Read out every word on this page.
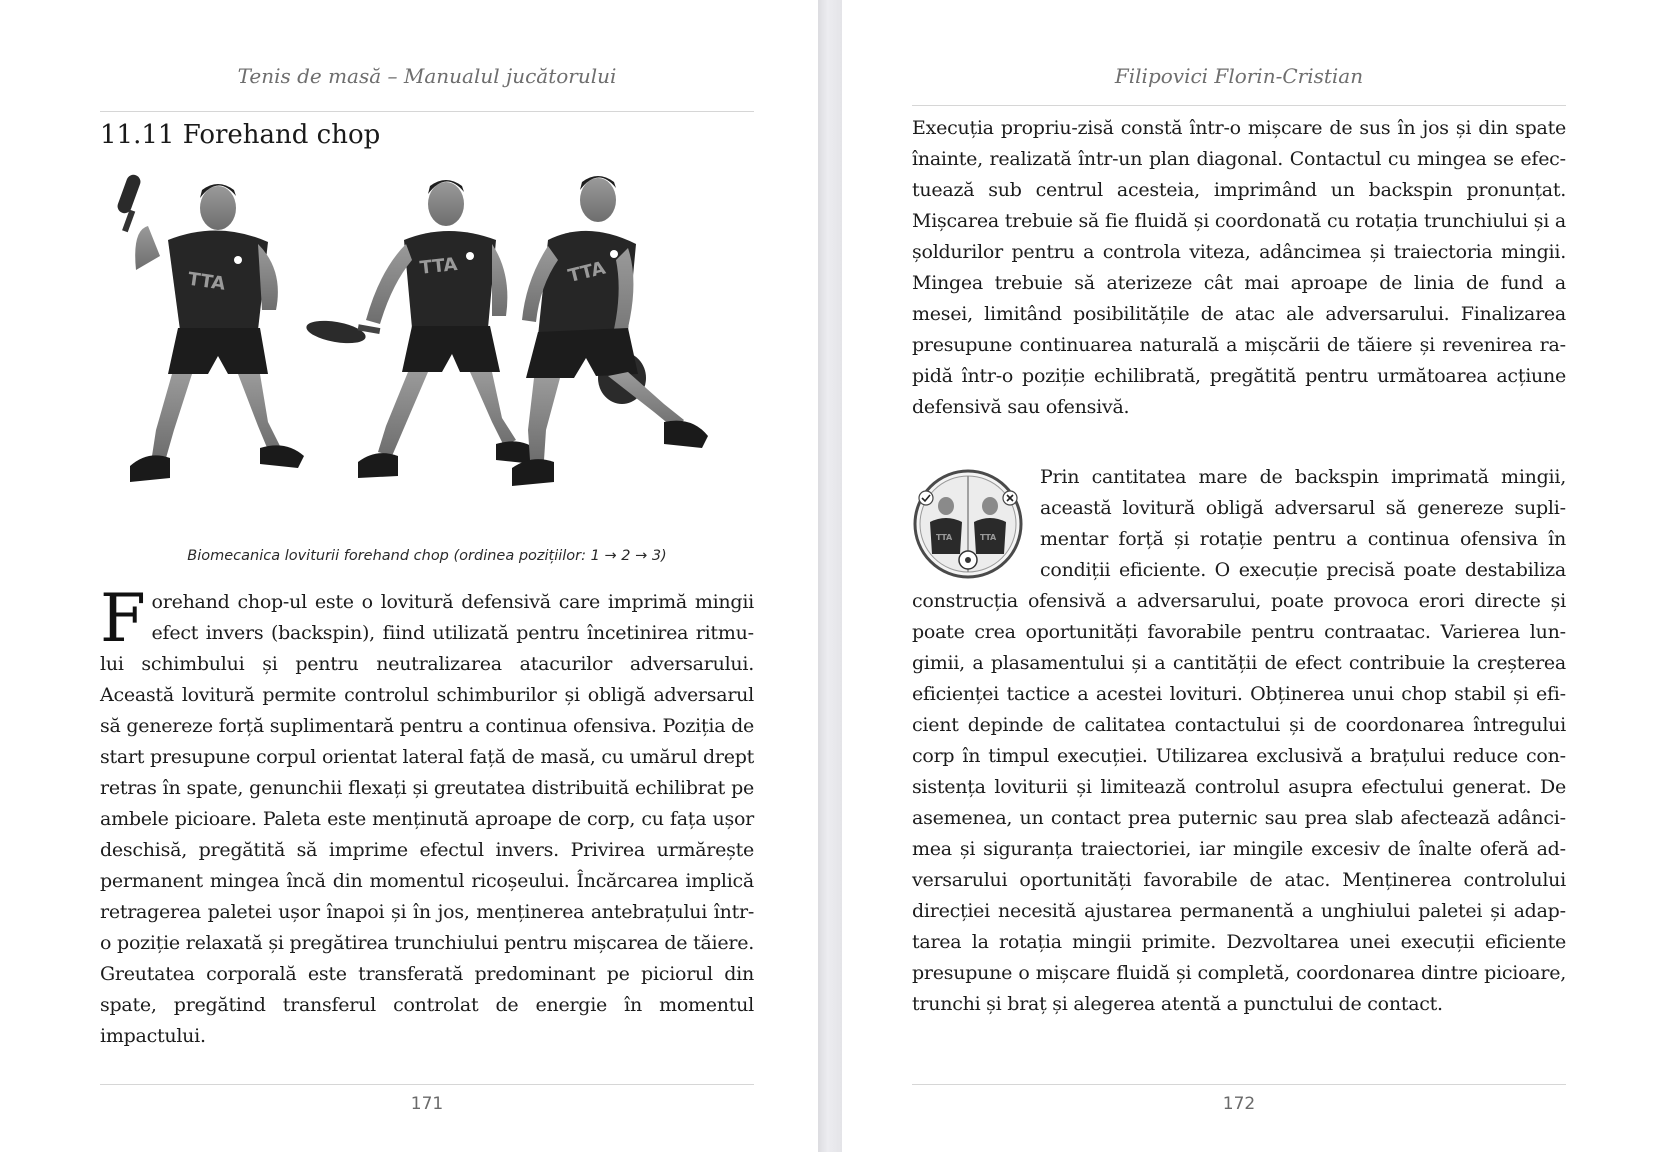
Tenis de masă – Manualul jucătorului
11.11 Forehand chop
TTA
TTA	TTA
Biomecanica loviturii forehand chop (ordinea pozițiilor: 1 → 2 → 3)

Forehand chop-ul este o lovitură defensivă care imprimă mingii efect invers (backspin), fiind utilizată pentru încetinirea ritmului schimbului și pentru neutralizarea atacurilor adversarului. Această lovitură permite controlul schimburilor și obligă adversarul să genereze forță suplimentară pentru a continua ofensiva. Poziția de start presupune corpul orientat lateral față de masă, cu umărul drept retras în spate, genunchii flexați și greutatea distribuită echilibrat pe ambele picioare. Paleta este menținută aproape de corp, cu fața ușor deschisă, pregătită să imprime efectul invers. Privirea urmărește permanent mingea încă din momentul ricoșeului. Încărcarea implică retragerea paletei ușor înapoi și în jos, menținerea antebrațului într-o poziție relaxată și pregătirea trunchiului pentru mișcarea de tăiere. Greutatea corporală este transferată predominant pe piciorul din spate, pregătind transferul controlat de energie în momentul impactului.

171
Filipovici Florin-Cristian

Execuția propriu-zisă constă într-o mișcare de sus în jos și din spate înainte, realizată într-un plan diagonal. Contactul cu mingea se efectuează sub centrul acesteia, imprimând un backspin pronunțat. Mișcarea trebuie să fie fluidă și coordonată cu rotația trunchiului și a șoldurilor pentru a controla viteza, adâncimea și traiectoria mingii. Mingea trebuie să aterizeze cât mai aproape de linia de fund a mesei, limitând posibilitățile de atac ale adversarului. Finalizarea presupune continuarea naturală a mișcării de tăiere și revenirea rapidă într-o poziție echilibrată, pregătită pentru următoarea acțiune defensivă sau ofensivă.

TTA	TTA
Prin cantitatea mare de backspin imprimată mingii, această lovitură obligă adversarul să genereze suplimentar forță și rotație pentru a continua ofensiva în condiții eficiente. O execuție precisă poate destabiliza construcția ofensivă a adversarului, poate provoca erori directe și poate crea oportunități favorabile pentru contraatac. Varierea lungimii, a plasamentului și a cantității de efect contribuie la creșterea eficienței tactice a acestei lovituri. Obținerea unui chop stabil și eficient depinde de calitatea contactului și de coordonarea întregului corp în timpul execuției. Utilizarea exclusivă a brațului reduce consistența loviturii și limitează controlul asupra efectului generat. De asemenea, un contact prea puternic sau prea slab afectează adâncimea și siguranța traiectoriei, iar mingile excesiv de înalte oferă adversarului oportunități favorabile de atac. Menținerea controlului direcției necesită ajustarea permanentă a unghiului paletei și adaptarea la rotația mingii primite. Dezvoltarea unei execuții eficiente presupune o mișcare fluidă și completă, coordonarea dintre picioare, trunchi și braț și alegerea atentă a punctului de contact.

172
